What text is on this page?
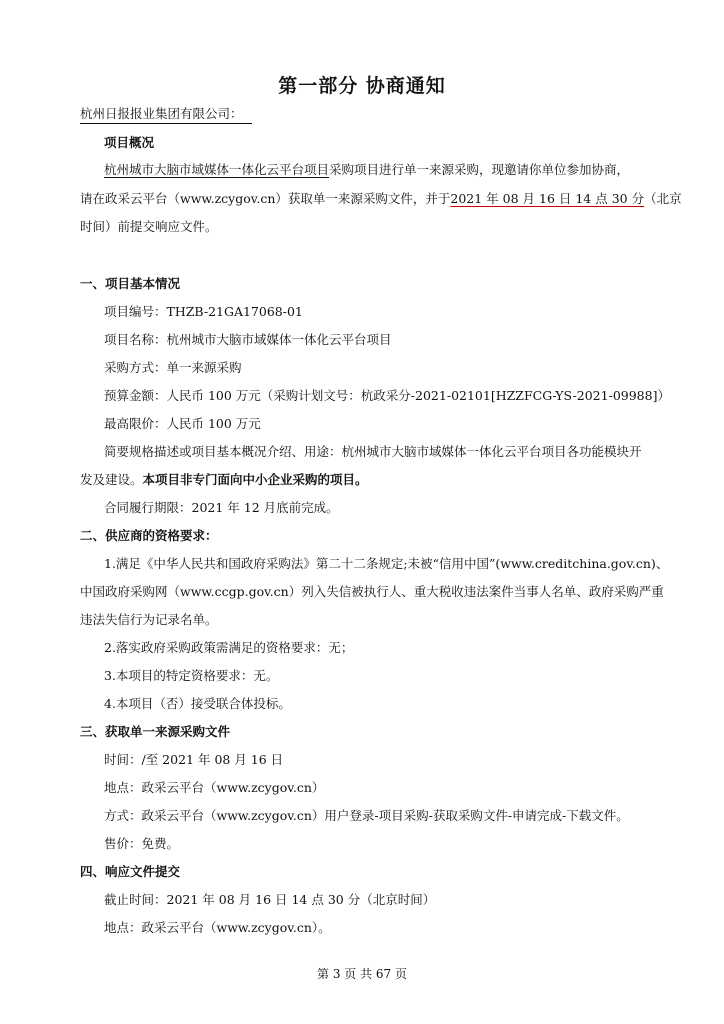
第一部分 协商通知
杭州日报报业集团有限公司：
项目概况
杭州城市大脑市域媒体一体化云平台项目采购项目进行单一来源采购，现邀请你单位参加协商，
请在政采云平台（www.zcygov.cn）获取单一来源采购文件，并于2021 年 08 月 16 日 14 点 30 分（北京
时间）前提交响应文件。
一、项目基本情况
项目编号：THZB-21GA17068-01
项目名称：杭州城市大脑市域媒体一体化云平台项目
采购方式：单一来源采购
预算金额：人民币 100 万元（采购计划文号：杭政采分-2021-02101[HZZFCG-YS-2021-09988]）
最高限价：人民币 100 万元
简要规格描述或项目基本概况介绍、用途：杭州城市大脑市域媒体一体化云平台项目各功能模块开
发及建设。本项目非专门面向中小企业采购的项目。
合同履行期限：2021 年 12 月底前完成。
二、供应商的资格要求：
1.满足《中华人民共和国政府采购法》第二十二条规定;未被“信用中国”(www.creditchina.gov.cn)、
中国政府采购网（www.ccgp.gov.cn）列入失信被执行人、重大税收违法案件当事人名单、政府采购严重
违法失信行为记录名单。
2.落实政府采购政策需满足的资格要求：无；
3.本项目的特定资格要求：无。
4.本项目（否）接受联合体投标。
三、获取单一来源采购文件
时间：/至 2021 年 08 月 16 日
地点：政采云平台（www.zcygov.cn）
方式：政采云平台（www.zcygov.cn）用户登录-项目采购-获取采购文件-申请完成-下载文件。
售价：免费。
四、响应文件提交
截止时间：2021 年 08 月 16 日 14 点 30 分（北京时间）
地点：政采云平台（www.zcygov.cn）。
第 3 页 共 67 页
